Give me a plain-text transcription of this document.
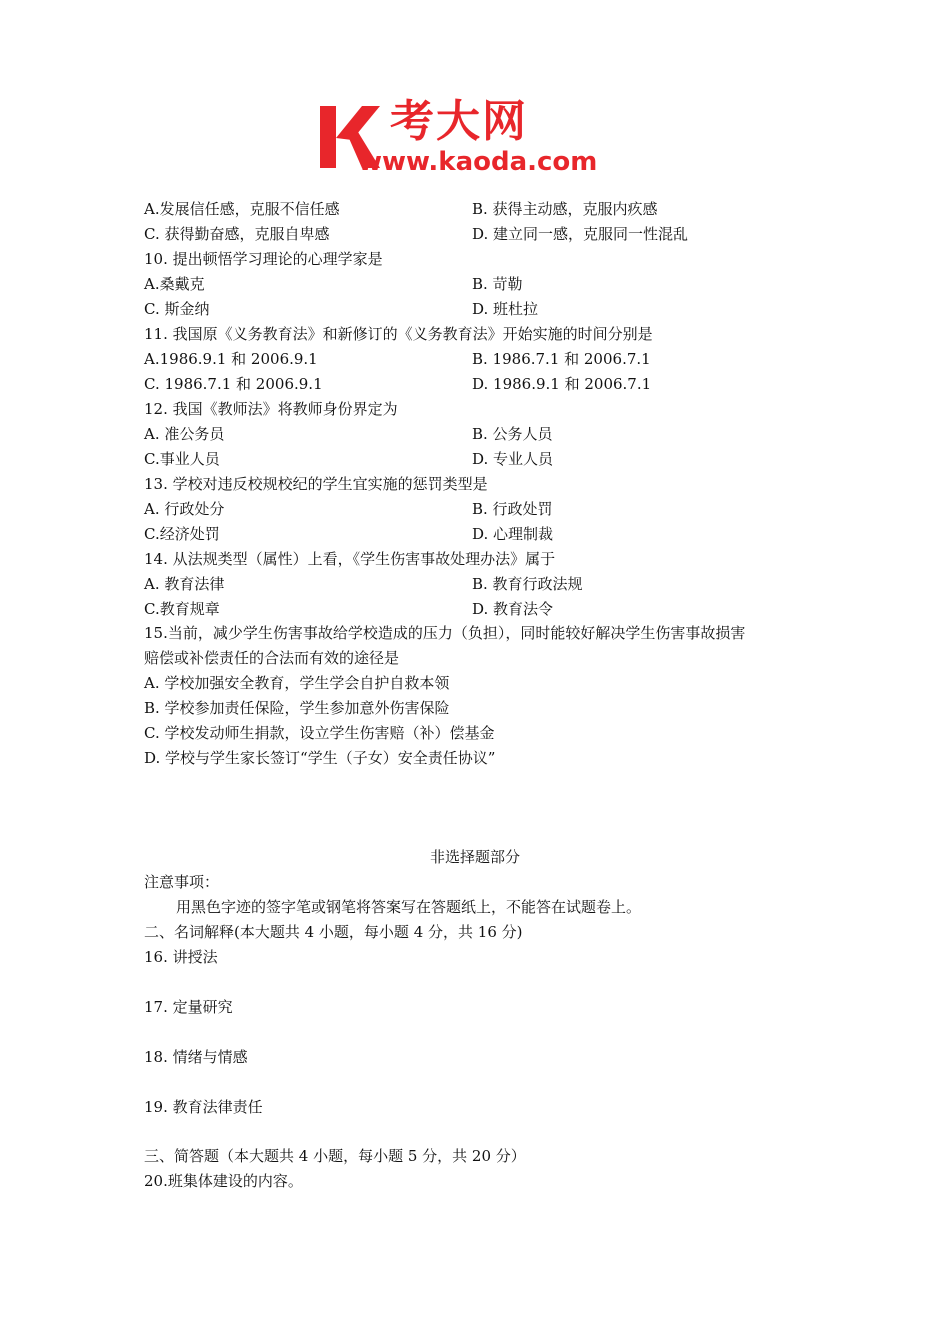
考大网
www.kaoda.com
A.发展信任感，克服不信任感	B. 获得主动感，克服内疚感
C. 获得勤奋感，克服自卑感	D. 建立同一感，克服同一性混乱
10. 提出顿悟学习理论的心理学家是
A.桑戴克	B. 苛勒
C. 斯金纳	D. 班杜拉
11. 我国原《义务教育法》和新修订的《义务教育法》开始实施的时间分别是
A.1986.9.1 和 2006.9.1	B. 1986.7.1 和 2006.7.1
C. 1986.7.1 和 2006.9.1	D. 1986.9.1 和 2006.7.1
12. 我国《教师法》将教师身份界定为
A. 准公务员	B. 公务人员
C.事业人员	D. 专业人员
13. 学校对违反校规校纪的学生宜实施的惩罚类型是
A. 行政处分	B. 行政处罚
C.经济处罚	D. 心理制裁
14. 从法规类型（属性）上看，《学生伤害事故处理办法》属于
A. 教育法律	B. 教育行政法规
C.教育规章	D. 教育法令
15.当前，减少学生伤害事故给学校造成的压力（负担），同时能较好解决学生伤害事故损害
赔偿或补偿责任的合法而有效的途径是
A. 学校加强安全教育，学生学会自护自救本领
B. 学校参加责任保险，学生参加意外伤害保险
C. 学校发动师生捐款，设立学生伤害赔（补）偿基金
D. 学校与学生家长签订“学生（子女）安全责任协议”
非选择题部分
注意事项：
用黑色字迹的签字笔或钢笔将答案写在答题纸上，不能答在试题卷上。
二、名词解释(本大题共 4 小题，每小题 4 分，共 16 分)
16. 讲授法
17. 定量研究
18. 情绪与情感
19. 教育法律责任
三、简答题（本大题共 4 小题，每小题 5 分，共 20 分）
20.班集体建设的内容。
